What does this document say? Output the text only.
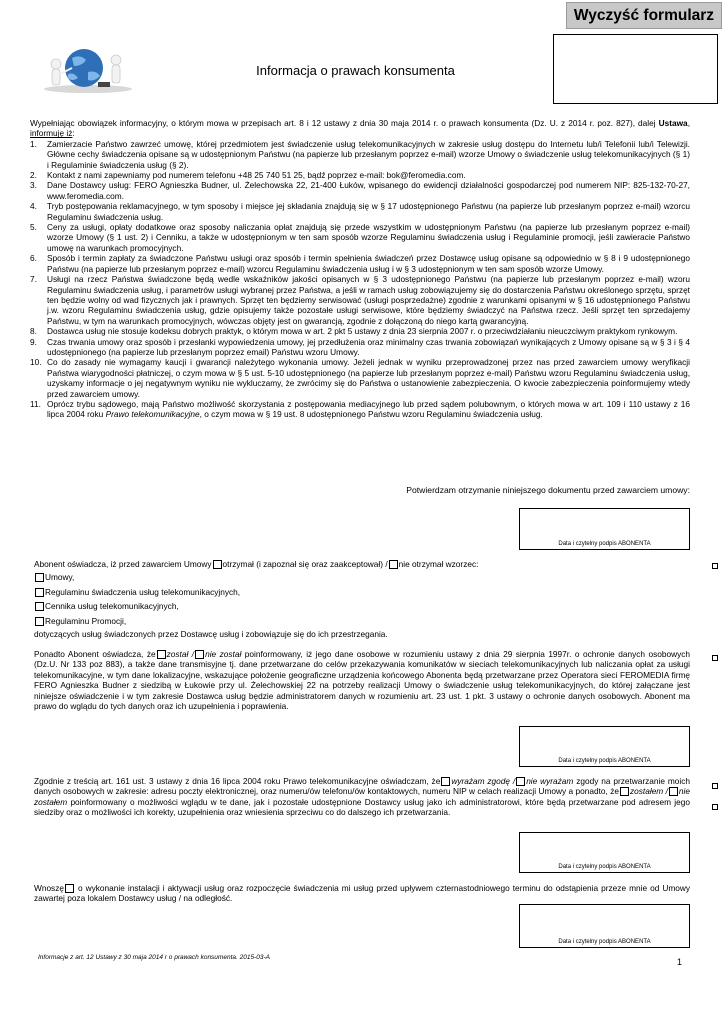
Wyczyść formularz
Informacja o prawach konsumenta

Wypełniając obowiązek informacyjny, o którym mowa w przepisach art. 8 i 12 ustawy z dnia 30 maja 2014 r. o prawach konsumenta (Dz. U. z 2014 r. poz. 827), dalej Ustawa, informuję iż:

1.	Zamierzacie Państwo zawrzeć umowę, której przedmiotem jest świadczenie usług telekomunikacyjnych w zakresie usług dostępu do Internetu lub/i Telefonii lub/i Telewizji. Główne cechy świadczenia opisane są w udostępnionym Państwu (na papierze lub przesłanym poprzez e-mail) wzorze Umowy o świadczenie usług telekomunikacyjnych (§ 1) i Regulaminie świadczenia usług (§ 2).
2.	Kontakt z nami zapewniamy pod numerem telefonu +48 25 740 51 25, bądź poprzez e-mail: bok@feromedia.com.
3.	Dane Dostawcy usług: FERO Agnieszka Budner, ul. Żelechowska 22, 21-400 Łuków, wpisanego do ewidencji działalności gospodarczej pod numerem NIP: 825-132-70-27, www.feromedia.com.
4.	Tryb postępowania reklamacyjnego, w tym sposoby i miejsce jej składania znajdują się w § 17 udostępnionego Państwu (na papierze lub przesłanym poprzez e-mail) wzorcu Regulaminu świadczenia usług.
5.	Ceny za usługi, opłaty dodatkowe oraz sposoby naliczania opłat znajdują się przede wszystkim w udostępnionym Państwu (na papierze lub przesłanym poprzez e-mail) wzorze Umowy (§ 1 ust. 2) i Cenniku, a także w udostępnionym w ten sam sposób wzorze Regulaminu świadczenia usług i Regulaminie promocji, jeśli zawieracie Państwo umowę na warunkach promocyjnych.
6.	Sposób i termin zapłaty za świadczone Państwu usługi oraz sposób i termin spełnienia świadczeń przez Dostawcę usług opisane są odpowiednio w § 8 i 9 udostępnionego Państwu (na papierze lub przesłanym poprzez e-mail) wzorcu Regulaminu świadczenia usług i w § 3 udostępnionym w ten sam sposób wzorze Umowy.
7.	Usługi na rzecz Państwa świadczone będą wedle wskaźników jakości opisanych w § 3 udostępnionego Państwu (na papierze lub przesłanym poprzez e-mail) wzoru Regulaminu świadczenia usług, i parametrów usługi wybranej przez Państwa, a jeśli w ramach usług zobowiązujemy się do dostarczenia Państwu określonego sprzętu, sprzęt ten będzie wolny od wad fizycznych jak i prawnych. Sprzęt ten będziemy serwisować (usługi posprzedażne) zgodnie z warunkami opisanymi w § 16 udostępnionego Państwu j.w. wzoru Regulaminu świadczenia usług, gdzie opisujemy także pozostałe usługi serwisowe, które będziemy świadczyć na Państwa rzecz. Jeśli sprzęt ten sprzedajemy Państwu, w tym na warunkach promocyjnych, wówczas objęty jest on gwarancją, zgodnie z dołączoną do niego kartą gwarancyjną.
8.	Dostawca usług nie stosuje kodeksu dobrych praktyk, o którym mowa w art. 2 pkt 5 ustawy z dnia 23 sierpnia 2007 r. o przeciwdziałaniu nieuczciwym praktykom rynkowym.
9.	Czas trwania umowy oraz sposób i przesłanki wypowiedzenia umowy, jej przedłużenia oraz minimalny czas trwania zobowiązań wynikających z Umowy opisane są w § 3 i § 4 udostępnionego (na papierze lub przesłanym poprzez email) Państwu wzoru Umowy.
10. Co do zasady nie wymagamy kaucji i gwarancji należytego wykonania umowy. Jeżeli jednak w wyniku przeprowadzonej przez nas przed zawarciem umowy weryfikacji Państwa wiarygodności płatniczej, o czym mowa w § 5 ust. 5-10 udostępnionego (na papierze lub przesłanym poprzez e-mail) Państwu wzoru Regulaminu świadczenia usług, uzyskamy informacje o jej negatywnym wyniku nie wykluczamy, że zwrócimy się do Państwa o ustanowienie zabezpieczenia. O kwocie zabezpieczenia poinformujemy wtedy przed zawarciem umowy.
11. Oprócz trybu sądowego, mają Państwo możliwość skorzystania z postępowania mediacyjnego lub przed sądem polubownym, o których mowa w art. 109 i 110 ustawy z 16 lipca 2004 roku Prawo telekomunikacyjne, o czym mowa w § 19 ust. 8 udostępnionego Państwu wzoru Regulaminu świadczenia usług.
Potwierdzam otrzymanie niniejszego dokumentu przed zawarciem umowy:
Data i czytelny podpis ABONENTA
Abonent oświadcza, iż przed zawarciem Umowy otrzymał (i zapoznał się oraz zaakceptował) / nie otrzymał wzorzec:
Umowy,
Regulaminu świadczenia usług telekomunikacyjnych,
Cennika usług telekomunikacyjnych,
Regulaminu Promocji,
dotyczących usług świadczonych przez Dostawcę usług i zobowiązuje się do ich przestrzegania.
Ponadto Abonent oświadcza, że został / nie został poinformowany, iż jego dane osobowe w rozumieniu ustawy z dnia 29 sierpnia 1997r. o ochronie danych osobowych (Dz.U. Nr 133 poz 883), a także dane transmisyjne tj. dane przetwarzane do celów przekazywania komunikatów w sieciach telekomunikacyjnych lub naliczania opłat za usługi telekomunikacyjne, w tym dane lokalizacyjne, wskazujące położenie geograficzne urządzenia końcowego Abonenta będą przetwarzane przez Operatora sieci FEROMEDIA firmę FERO Agnieszka Budner z siedzibą w Łukowie przy ul. Żelechowskiej 22 na potrzeby realizacji Umowy o świadczenie usług telekomunikacyjnych, do której załączane jest niniejsze oświadczenie i w tym zakresie Dostawca usług będzie administratorem danych w rozumieniu art. 23 ust. 1 pkt. 3 ustawy o ochronie danych osobowych. Abonent ma prawo do wglądu do tych danych oraz ich uzupełnienia i poprawienia.
Data i czytelny podpis ABONENTA
Zgodnie z treścią art. 161 ust. 3 ustawy z dnia 16 lipca 2004 roku Prawo telekomunikacyjne oświadczam, że wyrażam zgodę / nie wyrażam zgody na przetwarzanie moich danych osobowych w zakresie: adresu poczty elektronicznej, oraz numeru/ów telefonu/ów kontaktowych, numeru NIP w celach realizacji Umowy a ponadto, że zostałem / nie zostałem poinformowany o możliwości wglądu w te dane, jak i pozostałe udostępnione Dostawcy usług jako ich administratorowi, które będą przetwarzane pod adresem jego siedziby oraz o możliwości ich korekty, uzupełnienia oraz wniesienia sprzeciwu co do dalszego ich przetwarzania.
Data i czytelny podpis ABONENTA
Wnoszę o wykonanie instalacji i aktywacji usług oraz rozpoczęcie świadczenia mi usług przed upływem czternastodniowego terminu do odstąpienia przeze mnie od Umowy zawartej poza lokalem Dostawcy usług / na odległość.
Data i czytelny podpis ABONENTA
Informacje z art. 12 Ustawy z 30 maja 2014 r o prawach konsumenta. 2015-03-A	1
